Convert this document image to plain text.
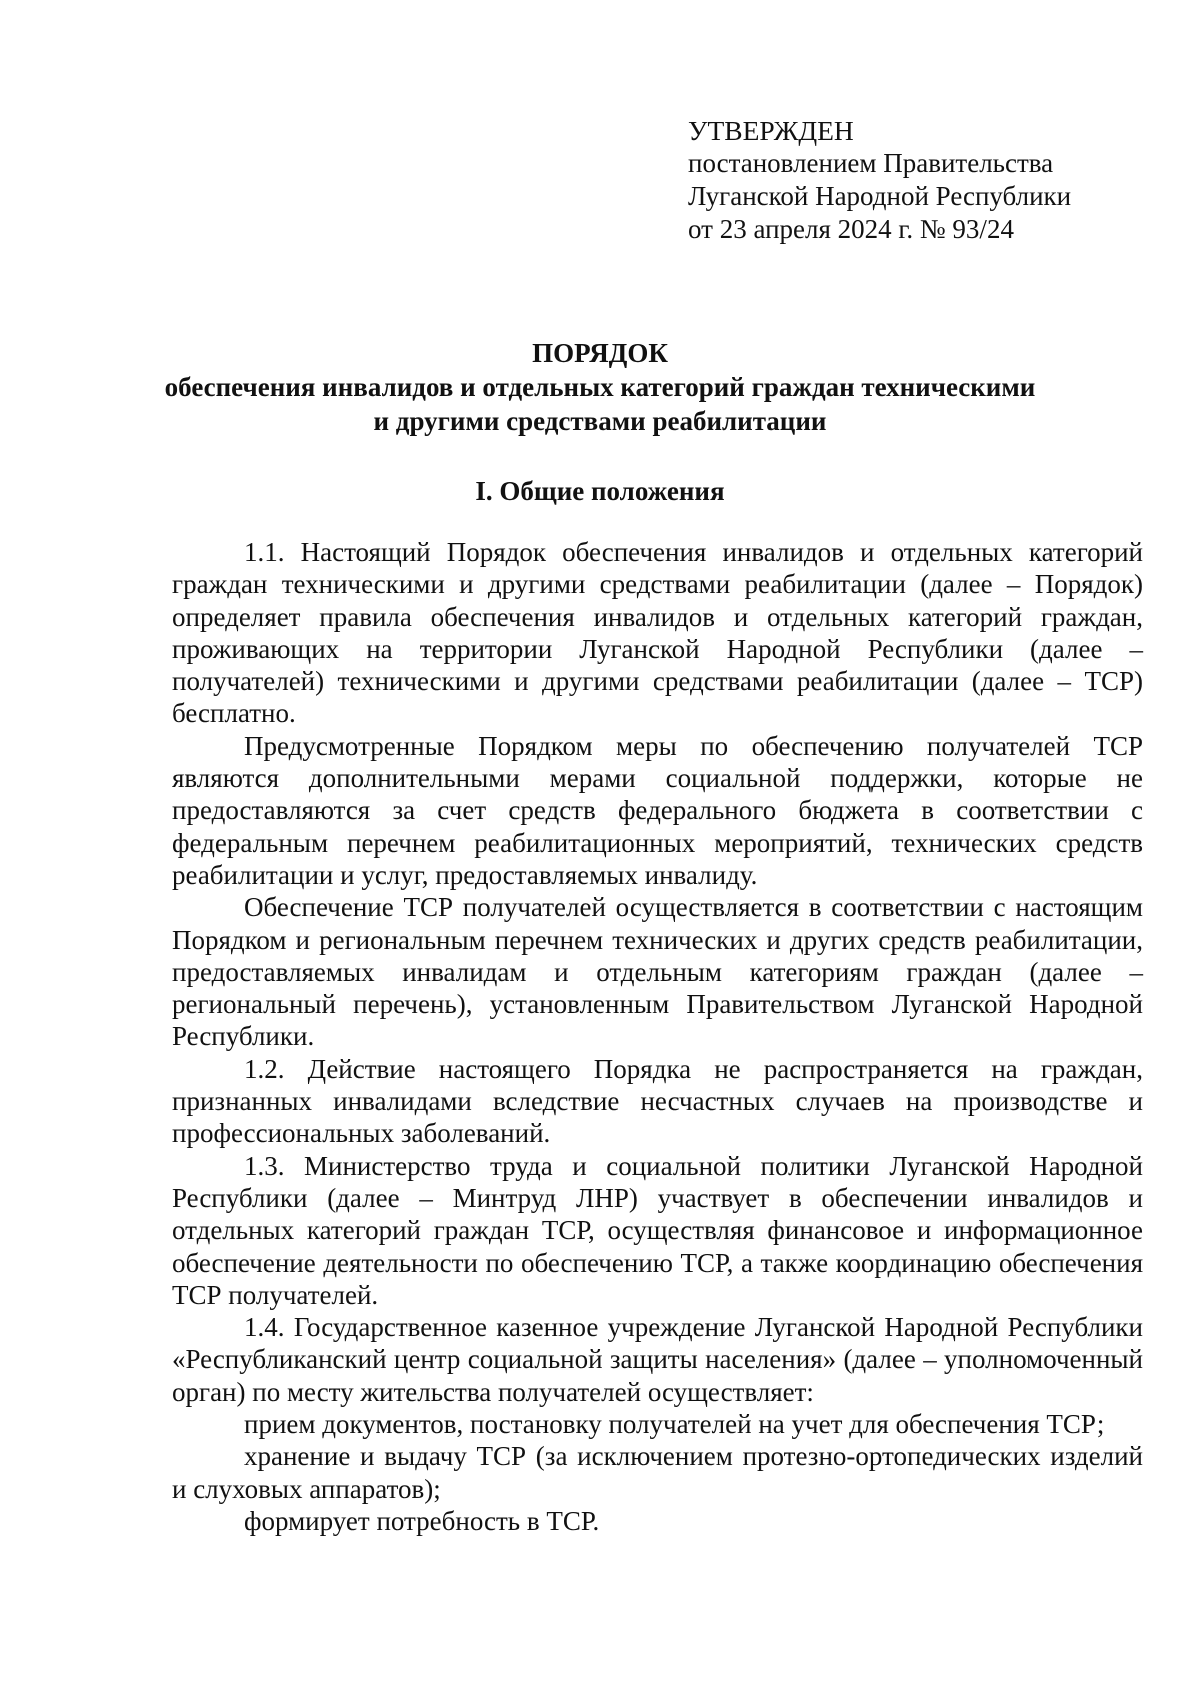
УТВЕРЖДЕН
постановлением Правительства
Луганской Народной Республики
от 23 апреля 2024 г. № 93/24
ПОРЯДОК
обеспечения инвалидов и отдельных категорий граждан техническими
и другими средствами реабилитации
I. Общие положения

1.1. Настоящий Порядок обеспечения инвалидов и отдельных категорий граждан техническими и другими средствами реабилитации (далее – Порядок) определяет правила обеспечения инвалидов и отдельных категорий граждан, проживающих на территории Луганской Народной Республики (далее – получателей) техническими и другими средствами реабилитации (далее – ТСР) бесплатно.

Предусмотренные Порядком меры по обеспечению получателей ТСР являются дополнительными мерами социальной поддержки, которые не предоставляются за счет средств федерального бюджета в соответствии с федеральным перечнем реабилитационных мероприятий, технических средств реабилитации и услуг, предоставляемых инвалиду.

Обеспечение ТСР получателей осуществляется в соответствии с настоящим Порядком и региональным перечнем технических и других средств реабилитации, предоставляемых инвалидам и отдельным категориям граждан (далее – региональный перечень), установленным Правительством Луганской Народной Республики.

1.2. Действие настоящего Порядка не распространяется на граждан, признанных инвалидами вследствие несчастных случаев на производстве и профессиональных заболеваний.

1.3. Министерство труда и социальной политики Луганской Народной Республики (далее – Минтруд ЛНР) участвует в обеспечении инвалидов и отдельных категорий граждан ТСР, осуществляя финансовое и информационное обеспечение деятельности по обеспечению ТСР, а также координацию обеспечения ТСР получателей.

1.4. Государственное казенное учреждение Луганской Народной Республики «Республиканский центр социальной защиты населения» (далее – уполномоченный орган) по месту жительства получателей осуществляет:

прием документов, постановку получателей на учет для обеспечения ТСР;

хранение и выдачу ТСР (за исключением протезно-ортопедических изделий и слуховых аппаратов);

формирует потребность в ТСР.
